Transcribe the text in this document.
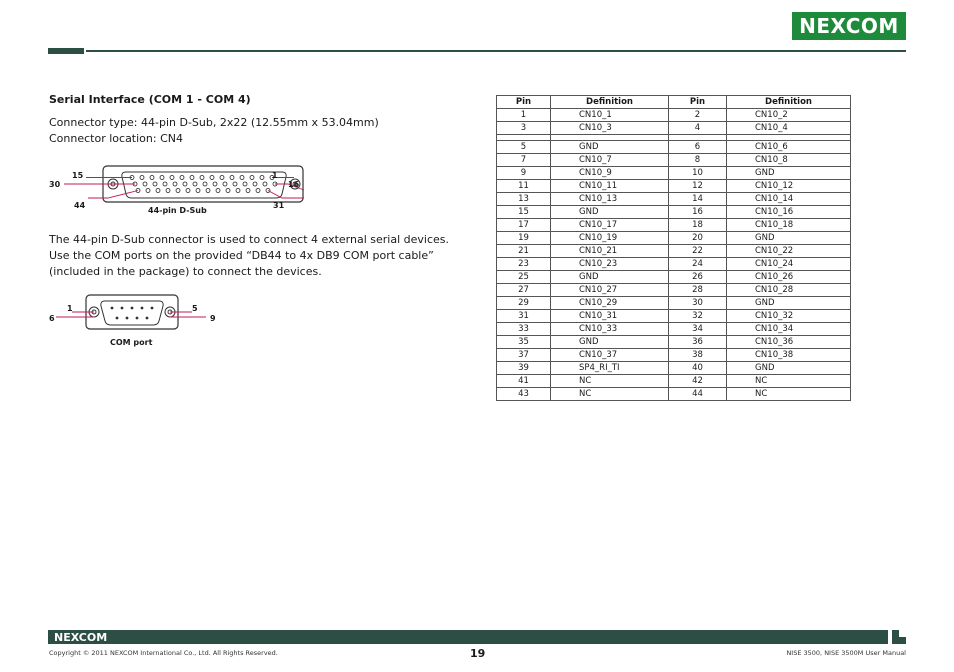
NEXCOM
Serial Interface (COM 1 - COM 4)
Connector type: 44-pin D-Sub, 2x22 (12.55mm x 53.04mm)
Connector location: CN4
15	1
30	16
44	31
44-pin D-Sub
The 44-pin D-Sub connector is used to connect 4 external serial devices.
Use the COM ports on the provided “DB44 to 4x DB9 COM port cable”
(included in the package) to connect the devices.
1	5
6	9
COM port
Pin	Definition	Pin	Definition
1	CN10_1	2	CN10_2
3	CN10_3	4	CN10_4

5	GND	6	CN10_6
7	CN10_7	8	CN10_8
9	CN10_9	10	GND
11	CN10_11	12	CN10_12
13	CN10_13	14	CN10_14
15	GND	16	CN10_16
17	CN10_17	18	CN10_18
19	CN10_19	20	GND
21	CN10_21	22	CN10_22
23	CN10_23	24	CN10_24
25	GND	26	CN10_26
27	CN10_27	28	CN10_28
29	CN10_29	30	GND
31	CN10_31	32	CN10_32
33	CN10_33	34	CN10_34
35	GND	36	CN10_36
37	CN10_37	38	CN10_38
39	SP4_RI_TI	40	GND
41	NC	42	NC
43	NC	44	NC
NEXCOM
Copyright © 2011 NEXCOM International Co., Ltd. All Rights Reserved.	19	NISE 3500, NISE 3500M User Manual
